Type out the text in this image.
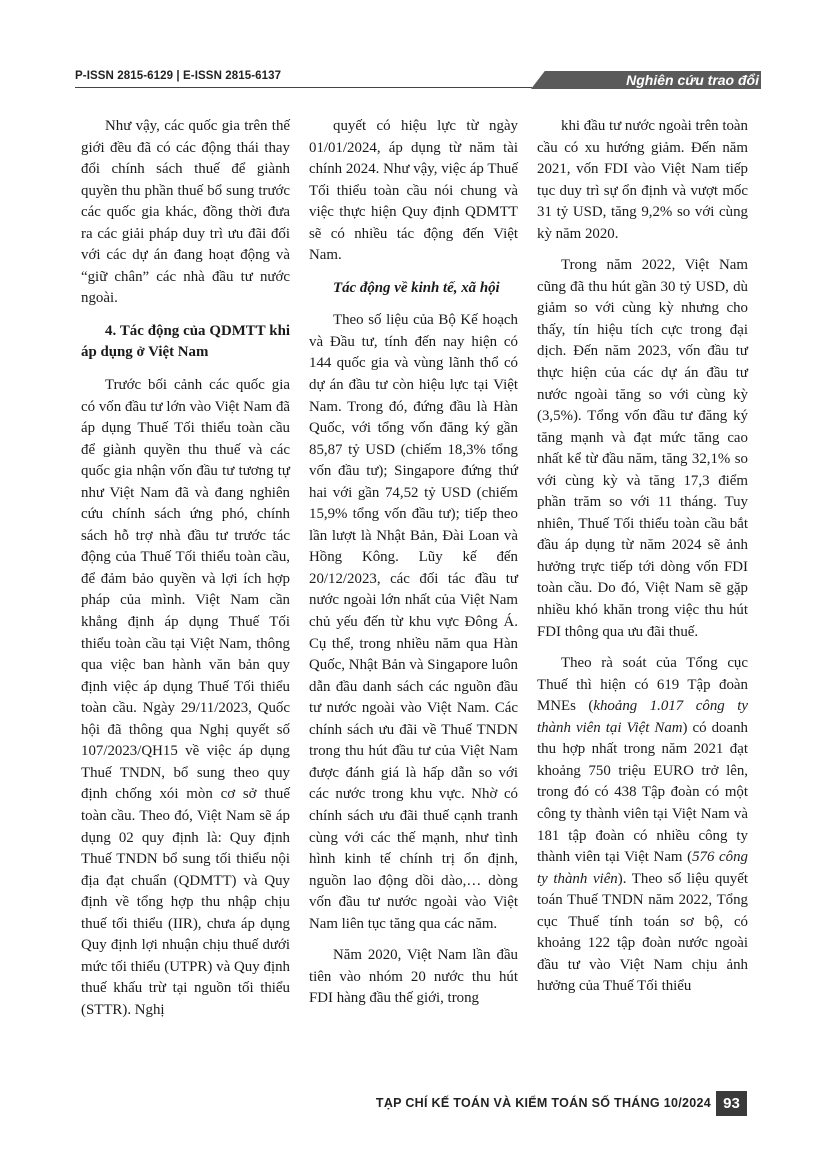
P-ISSN 2815-6129 | E-ISSN 2815-6137	Nghiên cứu trao đổi

Như vậy, các quốc gia trên thế giới đều đã có các động thái thay đổi chính sách thuế để giành quyền thu phần thuế bổ sung trước các quốc gia khác, đồng thời đưa ra các giải pháp duy trì ưu đãi đối với các dự án đang hoạt động và “giữ chân” các nhà đầu tư nước ngoài.

4. Tác động của QDMTT khi áp dụng ở Việt Nam

Trước bối cảnh các quốc gia có vốn đầu tư lớn vào Việt Nam đã áp dụng Thuế Tối thiểu toàn cầu để giành quyền thu thuế và các quốc gia nhận vốn đầu tư tương tự như Việt Nam đã và đang nghiên cứu chính sách ứng phó, chính sách hỗ trợ nhà đầu tư trước tác động của Thuế Tối thiểu toàn cầu, để đảm bảo quyền và lợi ích hợp pháp của mình. Việt Nam cần khẳng định áp dụng Thuế Tối thiểu toàn cầu tại Việt Nam, thông qua việc ban hành văn bản quy định việc áp dụng Thuế Tối thiểu toàn cầu. Ngày 29/11/2023, Quốc hội đã thông qua Nghị quyết số 107/2023/QH15 về việc áp dụng Thuế TNDN, bổ sung theo quy định chống xói mòn cơ sở thuế toàn cầu. Theo đó, Việt Nam sẽ áp dụng 02 quy định là: Quy định Thuế TNDN bổ sung tối thiểu nội địa đạt chuẩn (QDMTT) và Quy định về tổng hợp thu nhập chịu thuế tối thiểu (IIR), chưa áp dụng Quy định lợi nhuận chịu thuế dưới mức tối thiểu (UTPR) và Quy định thuế khấu trừ tại nguồn tối thiểu (STTR). Nghị

quyết có hiệu lực từ ngày 01/01/2024, áp dụng từ năm tài chính 2024. Như vậy, việc áp Thuế Tối thiểu toàn cầu nói chung và việc thực hiện Quy định QDMTT sẽ có nhiều tác động đến Việt Nam.

Tác động về kinh tế, xã hội

Theo số liệu của Bộ Kế hoạch và Đầu tư, tính đến nay hiện có 144 quốc gia và vùng lãnh thổ có dự án đầu tư còn hiệu lực tại Việt Nam. Trong đó, đứng đầu là Hàn Quốc, với tổng vốn đăng ký gần 85,87 tỷ USD (chiếm 18,3% tổng vốn đầu tư); Singapore đứng thứ hai với gần 74,52 tỷ USD (chiếm 15,9% tổng vốn đầu tư); tiếp theo lần lượt là Nhật Bản, Đài Loan và Hồng Kông. Lũy kế đến 20/12/2023, các đối tác đầu tư nước ngoài lớn nhất của Việt Nam chủ yếu đến từ khu vực Đông Á. Cụ thể, trong nhiều năm qua Hàn Quốc, Nhật Bản và Singapore luôn dẫn đầu danh sách các nguồn đầu tư nước ngoài vào Việt Nam. Các chính sách ưu đãi về Thuế TNDN trong thu hút đầu tư của Việt Nam được đánh giá là hấp dẫn so với các nước trong khu vực. Nhờ có chính sách ưu đãi thuế cạnh tranh cùng với các thế mạnh, như tình hình kinh tế chính trị ổn định, nguồn lao động dồi dào,… dòng vốn đầu tư nước ngoài vào Việt Nam liên tục tăng qua các năm.

Năm 2020, Việt Nam lần đầu tiên vào nhóm 20 nước thu hút FDI hàng đầu thế giới, trong

khi đầu tư nước ngoài trên toàn cầu có xu hướng giảm. Đến năm 2021, vốn FDI vào Việt Nam tiếp tục duy trì sự ổn định và vượt mốc 31 tỷ USD, tăng 9,2% so với cùng kỳ năm 2020.

Trong năm 2022, Việt Nam cũng đã thu hút gần 30 tỷ USD, dù giảm so với cùng kỳ nhưng cho thấy, tín hiệu tích cực trong đại dịch. Đến năm 2023, vốn đầu tư thực hiện của các dự án đầu tư nước ngoài tăng so với cùng kỳ (3,5%). Tổng vốn đầu tư đăng ký tăng mạnh và đạt mức tăng cao nhất kể từ đầu năm, tăng 32,1% so với cùng kỳ và tăng 17,3 điểm phần trăm so với 11 tháng. Tuy nhiên, Thuế Tối thiểu toàn cầu bắt đầu áp dụng từ năm 2024 sẽ ảnh hưởng trực tiếp tới dòng vốn FDI toàn cầu. Do đó, Việt Nam sẽ gặp nhiều khó khăn trong việc thu hút FDI thông qua ưu đãi thuế.

Theo rà soát của Tổng cục Thuế thì hiện có 619 Tập đoàn MNEs (khoảng 1.017 công ty thành viên tại Việt Nam) có doanh thu hợp nhất trong năm 2021 đạt khoảng 750 triệu EURO trở lên, trong đó có 438 Tập đoàn có một công ty thành viên tại Việt Nam và 181 tập đoàn có nhiều công ty thành viên tại Việt Nam (576 công ty thành viên). Theo số liệu quyết toán Thuế TNDN năm 2022, Tổng cục Thuế tính toán sơ bộ, có khoảng 122 tập đoàn nước ngoài đầu tư vào Việt Nam chịu ảnh hưởng của Thuế Tối thiểu

TẠP CHÍ KẾ TOÁN VÀ KIỂM TOÁN SỐ THÁNG 10/2024 93
